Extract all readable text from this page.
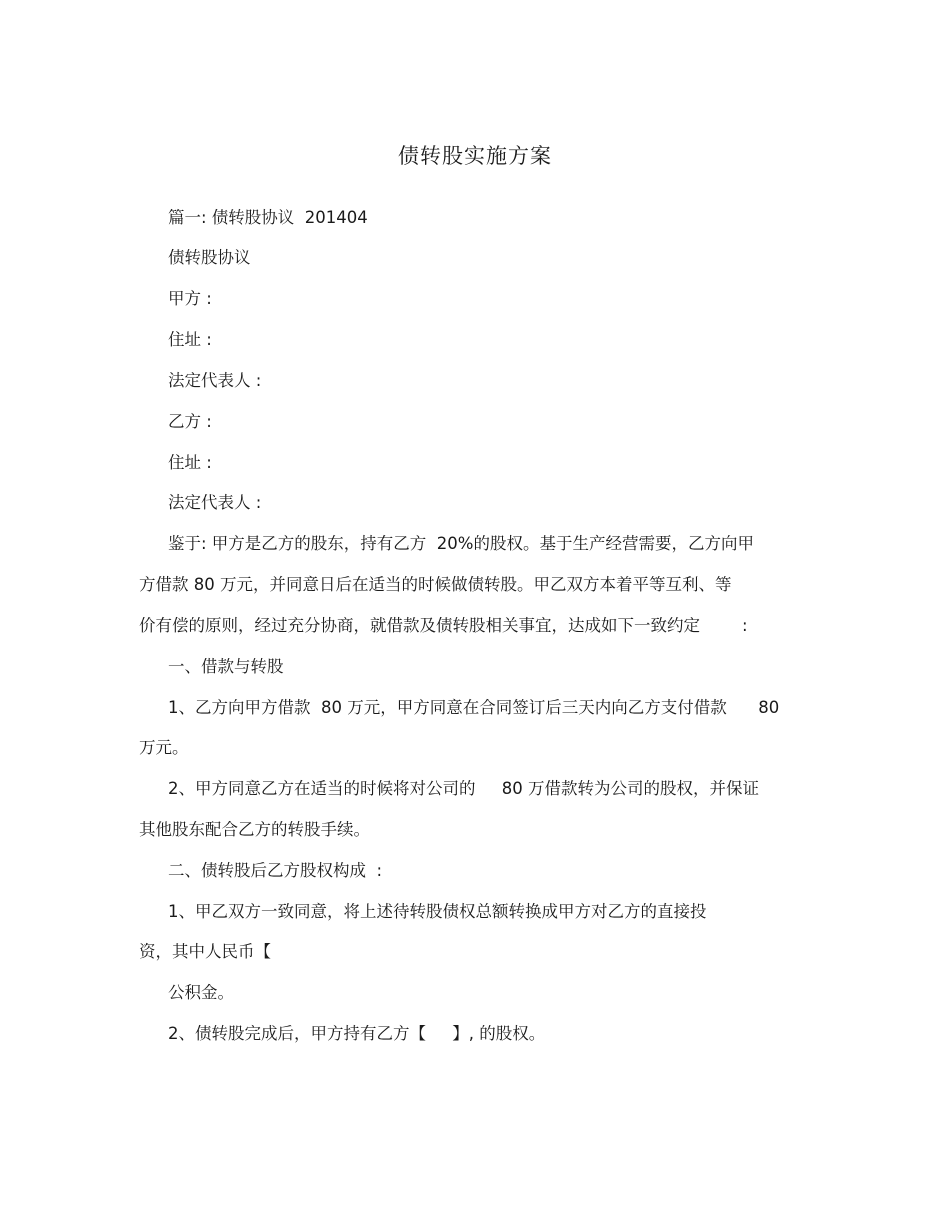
债转股实施方案
篇一: 债转股协议  201404
债转股协议
甲方 :
住址 :
法定代表人 :
乙方 :
住址 :
法定代表人 :
鉴于: 甲方是乙方的股东，持有乙方  20%的股权。基于生产经营需要，乙方向甲
方借款 80 万元，并同意日后在适当的时候做债转股。甲乙双方本着平等互利、等
价有偿的原则，经过充分协商，就借款及债转股相关事宜，达成如下一致约定        :
一、借款与转股
1、乙方向甲方借款  80 万元，甲方同意在合同签订后三天内向乙方支付借款      80
万元。
2、甲方同意乙方在适当的时候将对公司的     80 万借款转为公司的股权，并保证
其他股东配合乙方的转股手续。
二、债转股后乙方股权构成  :
1、甲乙双方一致同意，将上述待转股债权总额转换成甲方对乙方的直接投
资，其中人民币【
公积金。
2、债转股完成后，甲方持有乙方【     】, 的股权。
